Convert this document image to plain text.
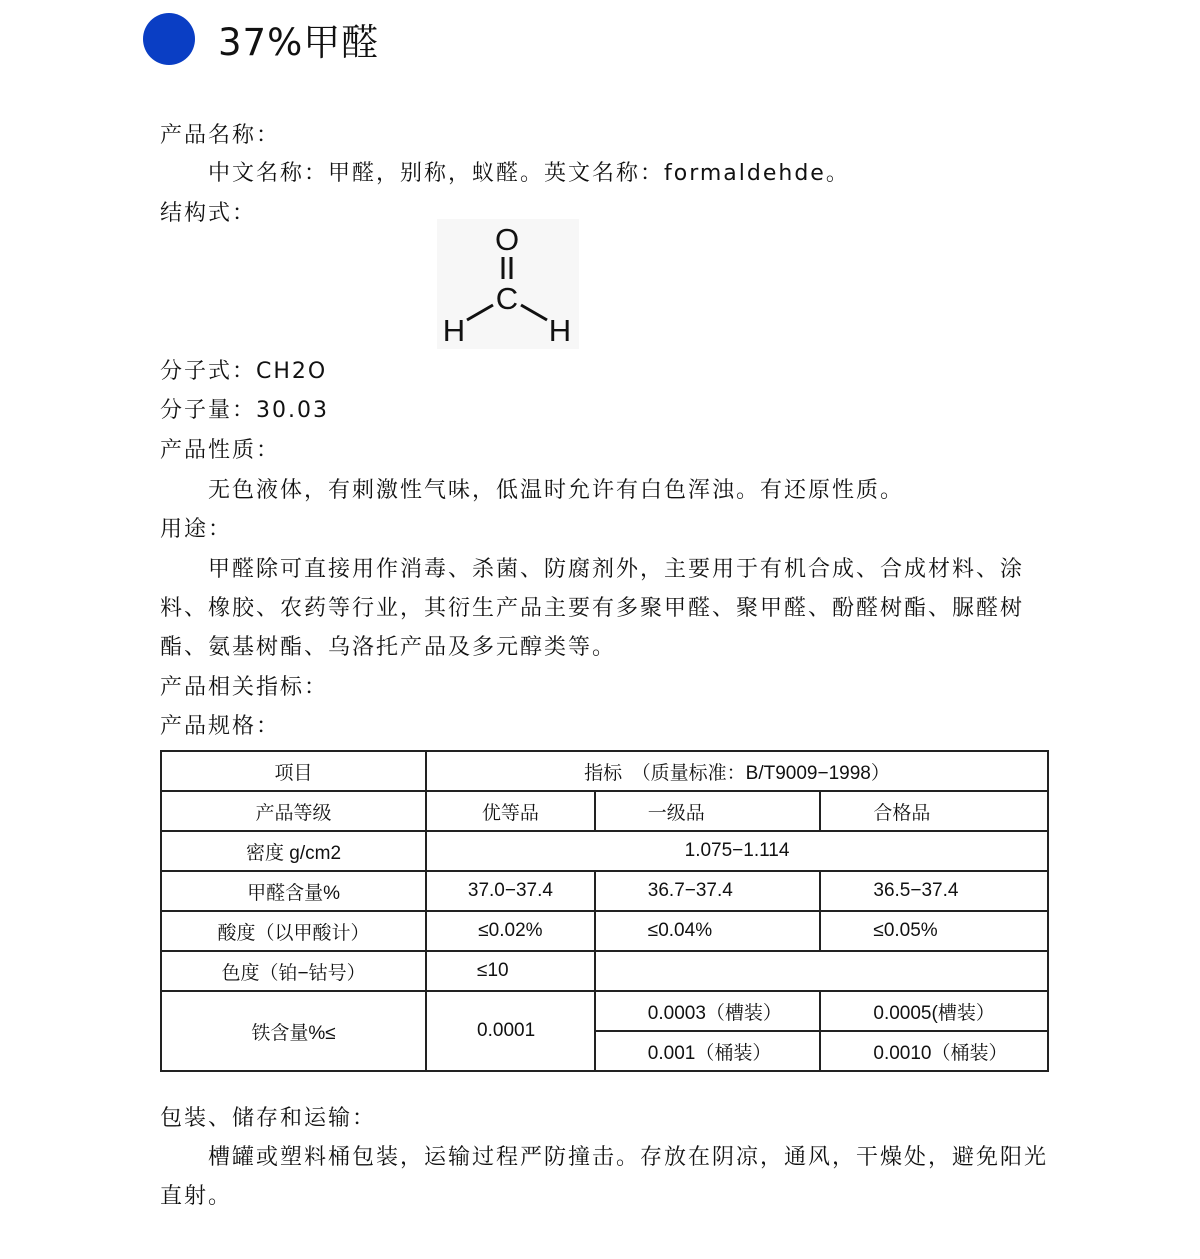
37%甲醛
产品名称：
中文名称：甲醛，别称，蚁醛。英文名称：formaldehde。
结构式：
O
C
H	H
分子式：CH2O
分子量：30.03
产品性质：
无色液体，有刺激性气味，低温时允许有白色浑浊。有还原性质。
用途：

甲醛除可直接用作消毒、杀菌、防腐剂外，主要用于有机合成、合成材料、涂料、橡胶、农药等行业，其衍生产品主要有多聚甲醛、聚甲醛、酚醛树酯、脲醛树酯、氨基树酯、乌洛托产品及多元醇类等。

产品相关指标：
产品规格：
项目	指标　（质量标准：B/T9009−1998）		
产品等级	优等品	一级品	合格品
密度 g/cm2	1.075−1.114		
甲醛含量%	37.0−37.4	36.7−37.4	36.5−37.4
酸度（以甲酸计）	≤0.02%	≤0.04%	≤0.05%
色度（铂−钴号）	≤10		
铁含量%≤	0.0001	0.0003（槽装）	0.0005(槽装）
		0.001（桶装）	0.0010（桶装）
包装、储存和运输：

槽罐或塑料桶包装，运输过程严防撞击。存放在阴凉，通风，干燥处，避免阳光直射。
